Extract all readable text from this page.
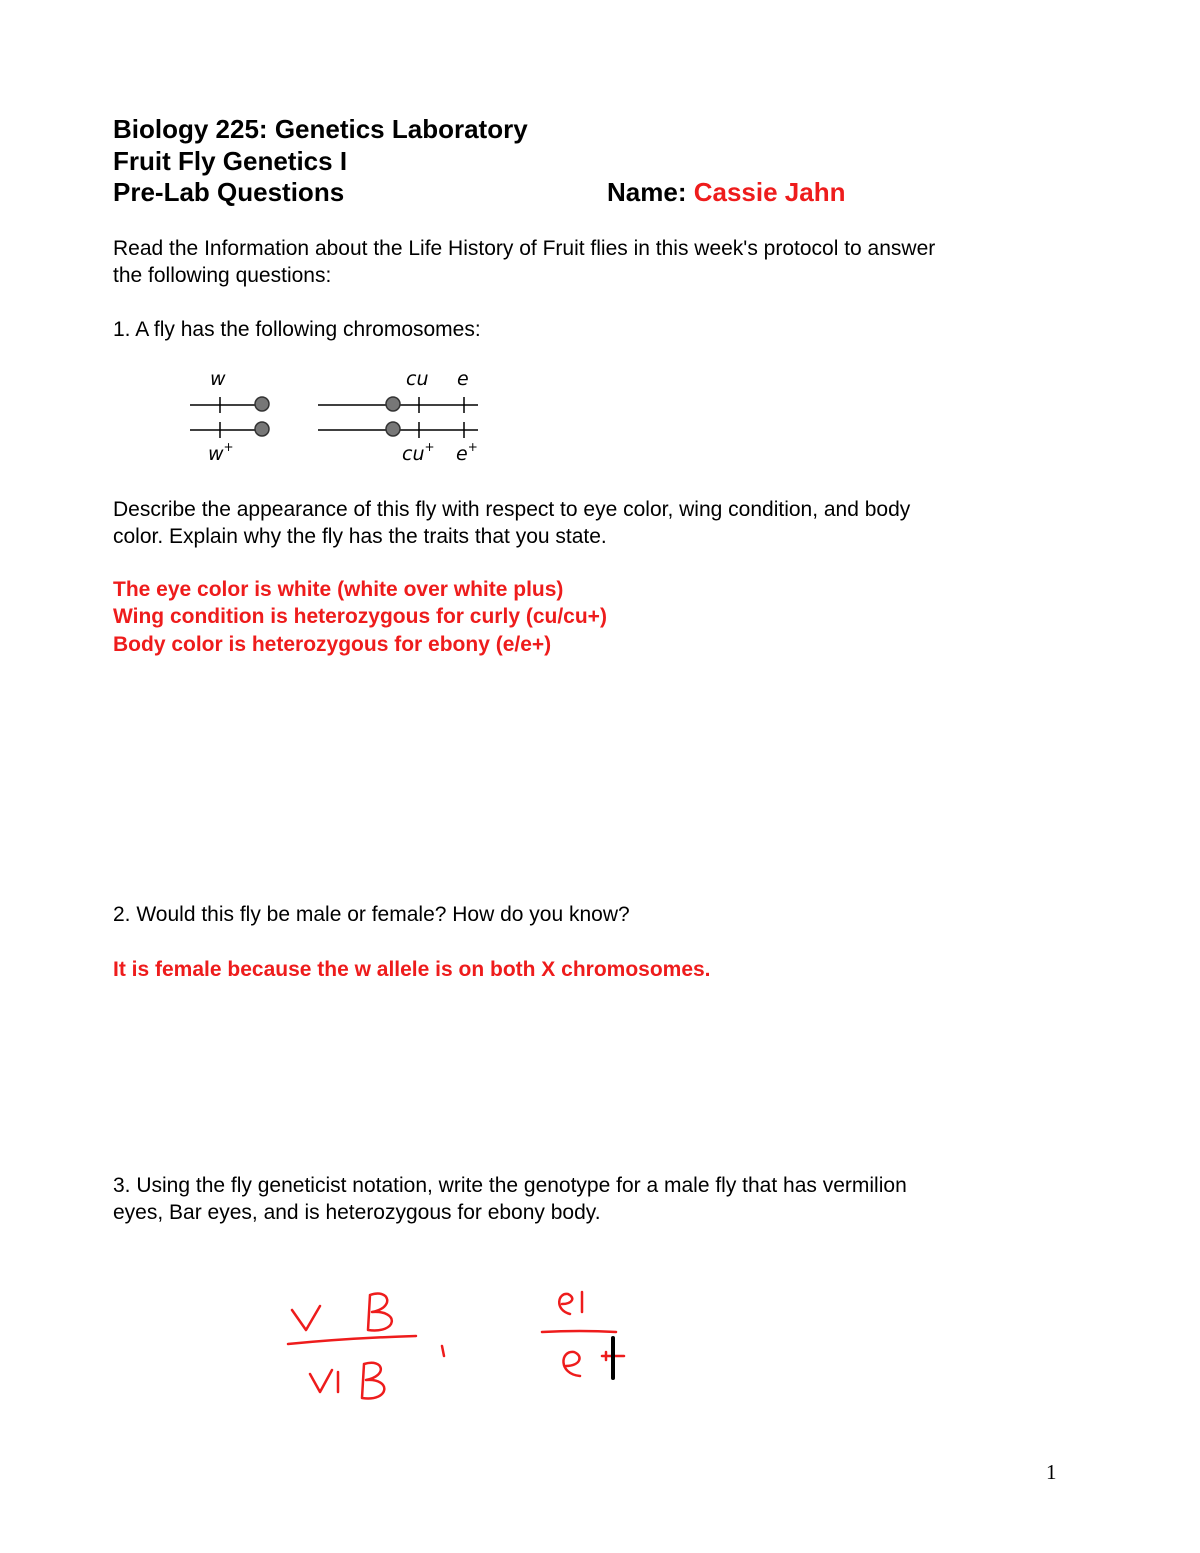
Biology 225: Genetics Laboratory
Fruit Fly Genetics I
Pre-Lab Questions	Name: Cassie Jahn
Read the Information about the Life History of Fruit flies in this week's protocol to answer
the following questions:
1. A fly has the following chromosomes:
w
w+
cu e
cu+ e+
Describe the appearance of this fly with respect to eye color, wing condition, and body
color. Explain why the fly has the traits that you state.
The eye color is white (white over white plus)
Wing condition is heterozygous for curly (cu/cu+)
Body color is heterozygous for ebony (e/e+)
2. Would this fly be male or female? How do you know?
It is female because the w allele is on both X chromosomes.
3. Using the fly geneticist notation, write the genotype for a male fly that has vermilion
eyes, Bar eyes, and is heterozygous for ebony body.
1
